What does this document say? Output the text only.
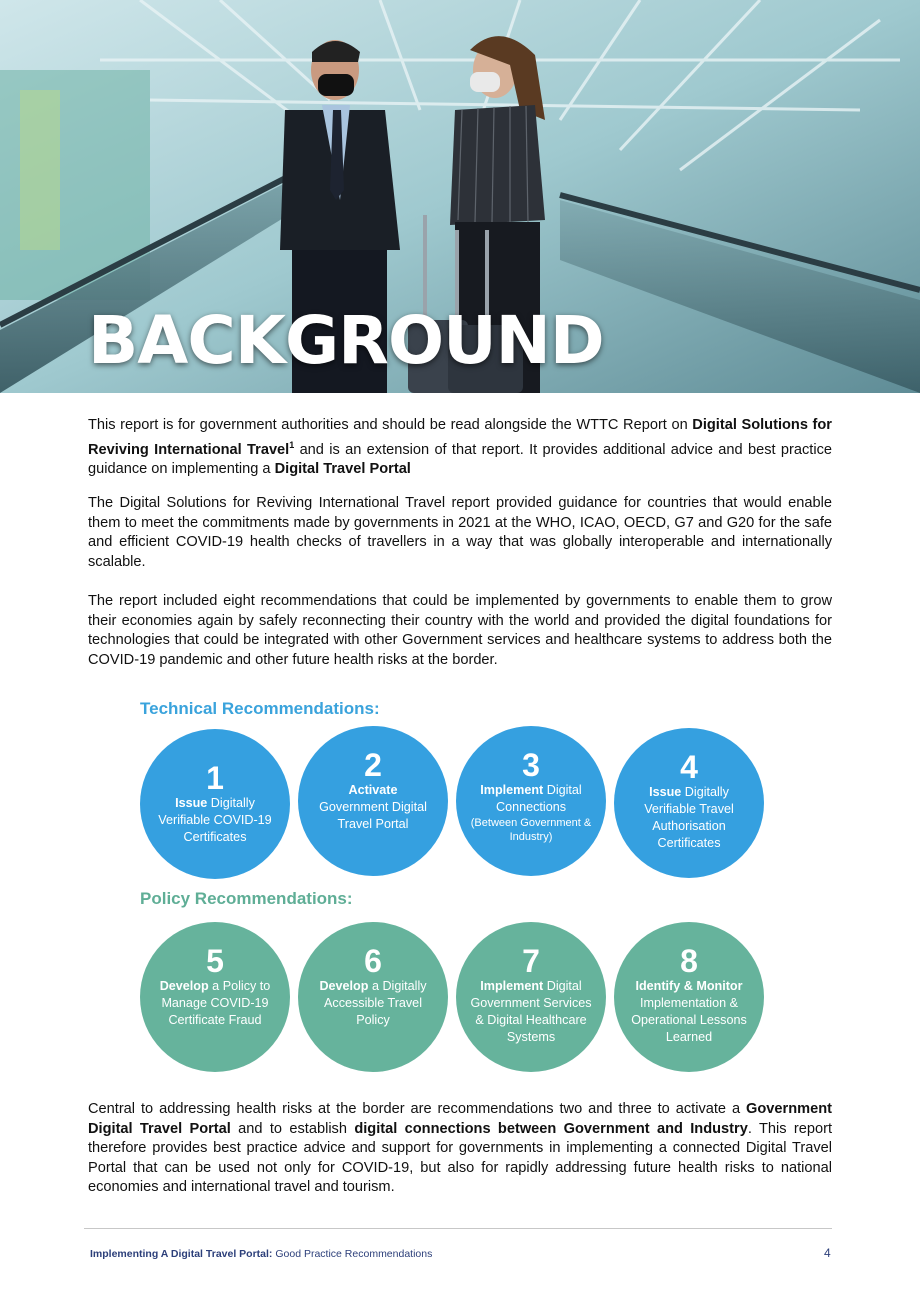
BACKGROUND

This report is for government authorities and should be read alongside the WTTC Report on Digital Solutions for Reviving International Travel$^1$ and is an extension of that report. It provides additional advice and best practice guidance on implementing a Digital Travel Portal

The Digital Solutions for Reviving International Travel report provided guidance for countries that would enable them to meet the commitments made by governments in 2021 at the WHO, ICAO, OECD, G7 and G20 for the safe and efficient COVID-19 health checks of travellers in a way that was globally interoperable and internationally scalable.

The report included eight recommendations that could be implemented by governments to enable them to grow their economies again by safely reconnecting their country with the world and provided the digital foundations for technologies that could be integrated with other Government services and healthcare systems to address both the COVID-19 pandemic and other future health risks at the border.

Technical Recommendations:
1
Issue Digitally Verifiable COVID-19 Certificates
2
Activate
Government Digital Travel Portal
3
Implement Digital Connections
(Between Government & Industry)
4
Issue Digitally Verifiable Travel Authorisation Certificates
Policy Recommendations:
5
Develop a Policy to Manage COVID-19 Certificate Fraud
6
Develop a Digitally Accessible Travel Policy
7
Implement Digital Government Services & Digital Healthcare Systems
8
Identify & Monitor
Implementation & Operational Lessons Learned

Central to addressing health risks at the border are recommendations two and three to activate a Government Digital Travel Portal and to establish digital connections between Government and Industry. This report therefore provides best practice advice and support for governments in implementing a connected Digital Travel Portal that can be used not only for COVID-19, but also for rapidly addressing future health risks to national economies and international travel and tourism.

Implementing A Digital Travel Portal: Good Practice Recommendations	4
